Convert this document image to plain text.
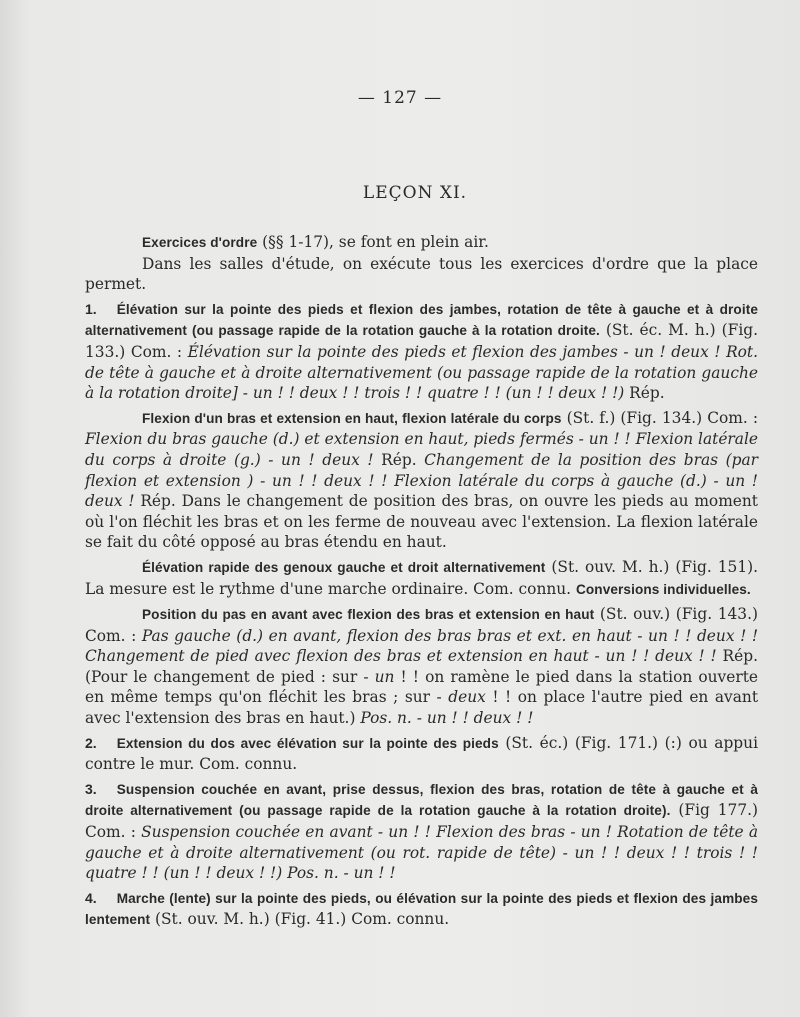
— 127 —
LEÇON XI.

Exercices d'ordre (§§ 1-17), se font en plein air.

Dans les salles d'étude, on exécute tous les exercices d'ordre que la place permet.

1. Élévation sur la pointe des pieds et flexion des jambes, rotation de tête à gauche et à droite alternativement (ou passage rapide de la rotation gauche à la rotation droite. (St. éc. M. h.) (Fig. 133.) Com. : Élévation sur la pointe des pieds et flexion des jambes - un ! deux ! Rot. de tête à gauche et à droite alternativement (ou passage rapide de la rotation gauche à la rotation droite] - un ! ! deux ! ! trois ! ! quatre ! ! (un ! ! deux ! !) Rép.

Flexion d'un bras et extension en haut, flexion latérale du corps (St. f.) (Fig. 134.) Com. : Flexion du bras gauche (d.) et extension en haut, pieds fermés - un ! ! Flexion latérale du corps à droite (g.) - un ! deux ! Rép. Changement de la position des bras (par flexion et extension ) - un ! ! deux ! ! Flexion latérale du corps à gauche (d.) - un ! deux ! Rép. Dans le changement de position des bras, on ouvre les pieds au moment où l'on fléchit les bras et on les ferme de nouveau avec l'extension. La flexion latérale se fait du côté opposé au bras étendu en haut.

Élévation rapide des genoux gauche et droit alternativement (St. ouv. M. h.) (Fig. 151). La mesure est le rythme d'une marche ordinaire. Com. connu. Conversions individuelles.

Position du pas en avant avec flexion des bras et extension en haut (St. ouv.) (Fig. 143.) Com. : Pas gauche (d.) en avant, flexion des bras bras et ext. en haut - un ! ! deux ! ! Changement de pied avec flexion des bras et extension en haut - un ! ! deux ! ! Rép. (Pour le changement de pied : sur - un ! ! on ramène le pied dans la station ouverte en même temps qu'on fléchit les bras ; sur - deux ! ! on place l'autre pied en avant avec l'extension des bras en haut.) Pos. n. - un ! ! deux ! !

2. Extension du dos avec élévation sur la pointe des pieds (St. éc.) (Fig. 171.) (:) ou appui contre le mur. Com. connu.

3. Suspension couchée en avant, prise dessus, flexion des bras, rotation de tête à gauche et à droite alternativement (ou passage rapide de la rotation gauche à la rotation droite). (Fig 177.) Com. : Suspension couchée en avant - un ! ! Flexion des bras - un ! Rotation de tête à gauche et à droite alternativement (ou rot. rapide de tête) - un ! ! deux ! ! trois ! ! quatre ! ! (un ! ! deux ! !) Pos. n. - un ! !

4. Marche (lente) sur la pointe des pieds, ou élévation sur la pointe des pieds et flexion des jambes lentement (St. ouv. M. h.) (Fig. 41.) Com. connu.
